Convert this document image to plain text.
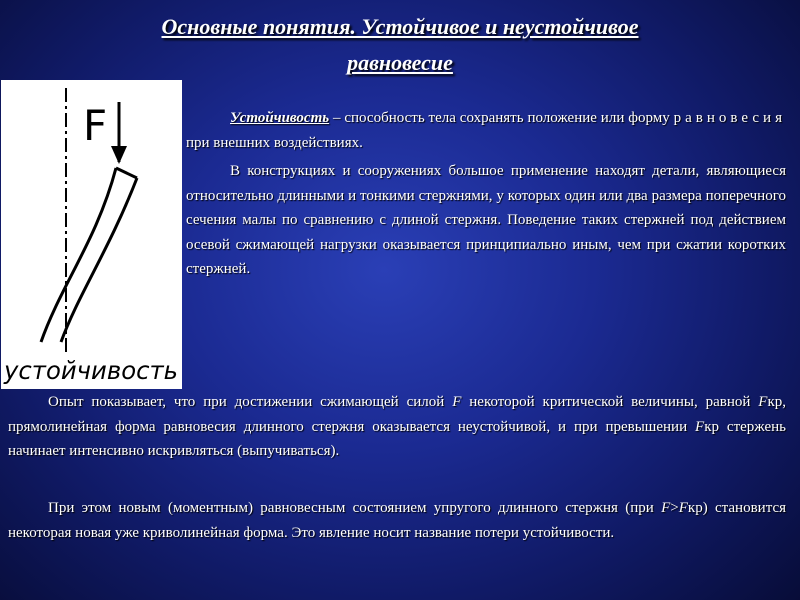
Основные понятия. Устойчивое и неустойчивое
равновесие
F
устойчивость

Устойчивость – способность тела сохранять положение или форму равновесия при внешних воздействиях.

В конструкциях и сооружениях большое применение находят детали, являющиеся относительно длинными и тонкими стержнями, у которых один или два размера поперечного сечения малы по сравнению с длиной стержня. Поведение таких стержней под действием осевой сжимающей нагрузки оказывается принципиально иным, чем при сжатии коротких стержней.

Опыт показывает, что при достижении сжимающей силой F некоторой критической величины, равной Fкр, прямолинейная форма равновесия длинного стержня оказывается неустойчивой, и при превышении Fкр стержень начинает интенсивно искривляться (выпучиваться).

При этом новым (моментным) равновесным состоянием упругого длинного стержня (при F>Fкр) становится некоторая новая уже криволинейная форма. Это явление носит название потери устойчивости.
